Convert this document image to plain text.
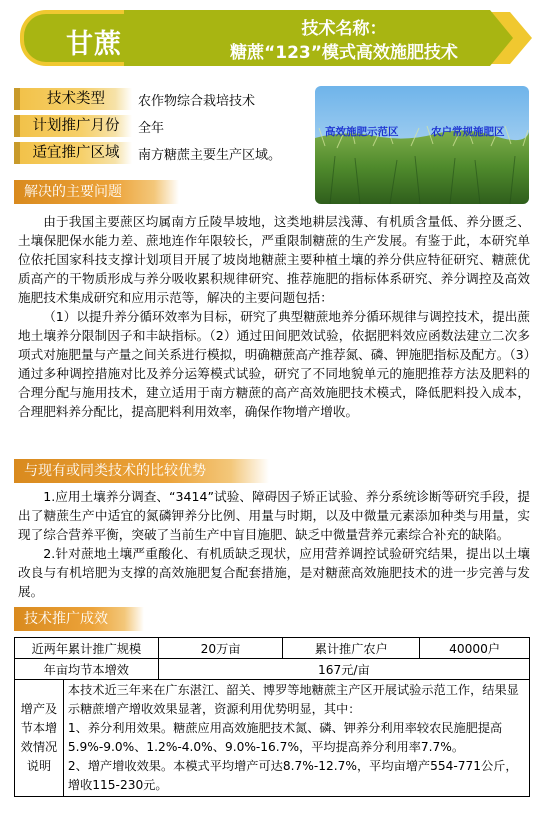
甘蔗	技术名称：
糖蔗“123”模式高效施肥技术
技术类型	农作物综合栽培技术
计划推广月份	全年
适宜推广区域	南方糖蔗主要生产区域。
高效施肥示范区	农户常规施肥区
解决的主要问题

由于我国主要蔗区均属南方丘陵旱坡地，这类地耕层浅薄、有机质含量低、养分匮乏、土壤保肥保水能力差、蔗地连作年限较长，严重限制糖蔗的生产发展。有鉴于此，本研究单位依托国家科技支撑计划项目开展了坡岗地糖蔗主要种植土壤的养分供应特征研究、糖蔗优质高产的干物质形成与养分吸收累积规律研究、推荐施肥的指标体系研究、养分调控及高效施肥技术集成研究和应用示范等，解决的主要问题包括：

（1）以提升养分循环效率为目标，研究了典型糖蔗地养分循环规律与调控技术，提出蔗地土壤养分限制因子和丰缺指标。（2）通过田间肥效试验，依据肥料效应函数法建立二次多项式对施肥量与产量之间关系进行模拟，明确糖蔗高产推荐氮、磷、钾施肥指标及配方。（3）通过多种调控措施对比及养分运筹模式试验，研究了不同地貌单元的施肥推荐方法及肥料的合理分配与施用技术，建立适用于南方糖蔗的高产高效施肥技术模式，降低肥料投入成本，合理肥料养分配比，提高肥料利用效率，确保作物增产增收。

与现有或同类技术的比较优势

1.应用土壤养分调查、“3414”试验、障碍因子矫正试验、养分系统诊断等研究手段，提出了糖蔗生产中适宜的氮磷钾养分比例、用量与时期，以及中微量元素添加种类与用量，实现了综合营养平衡，突破了当前生产中盲目施肥、缺乏中微量营养元素综合补充的缺陷。

2.针对蔗地土壤严重酸化、有机质缺乏现状，应用营养调控试验研究结果，提出以土壤改良与有机培肥为支撑的高效施肥复合配套措施，是对糖蔗高效施肥技术的进一步完善与发展。

技术推广成效
近两年累计推广规模		20万亩	累计推广农户	40000户
年亩均节本增效		167元/亩		
增产及节本增效情况说明	本技术近三年来在广东湛江、韶关、博罗等地糖蔗主产区开展试验示范工作，结果显示糖蔗增产增收效果显著，资源利用优势明显，其中：
1、养分利用效果。糖蔗应用高效施肥技术氮、磷、钾养分利用率较农民施肥提高5.9%-9.0%、1.2%-4.0%、9.0%-16.7%，平均提高养分利用率7.7%。
2、增产增收效果。本模式平均增产可达8.7%-12.7%，平均亩增产554-771公斤，增收115-230元。			
